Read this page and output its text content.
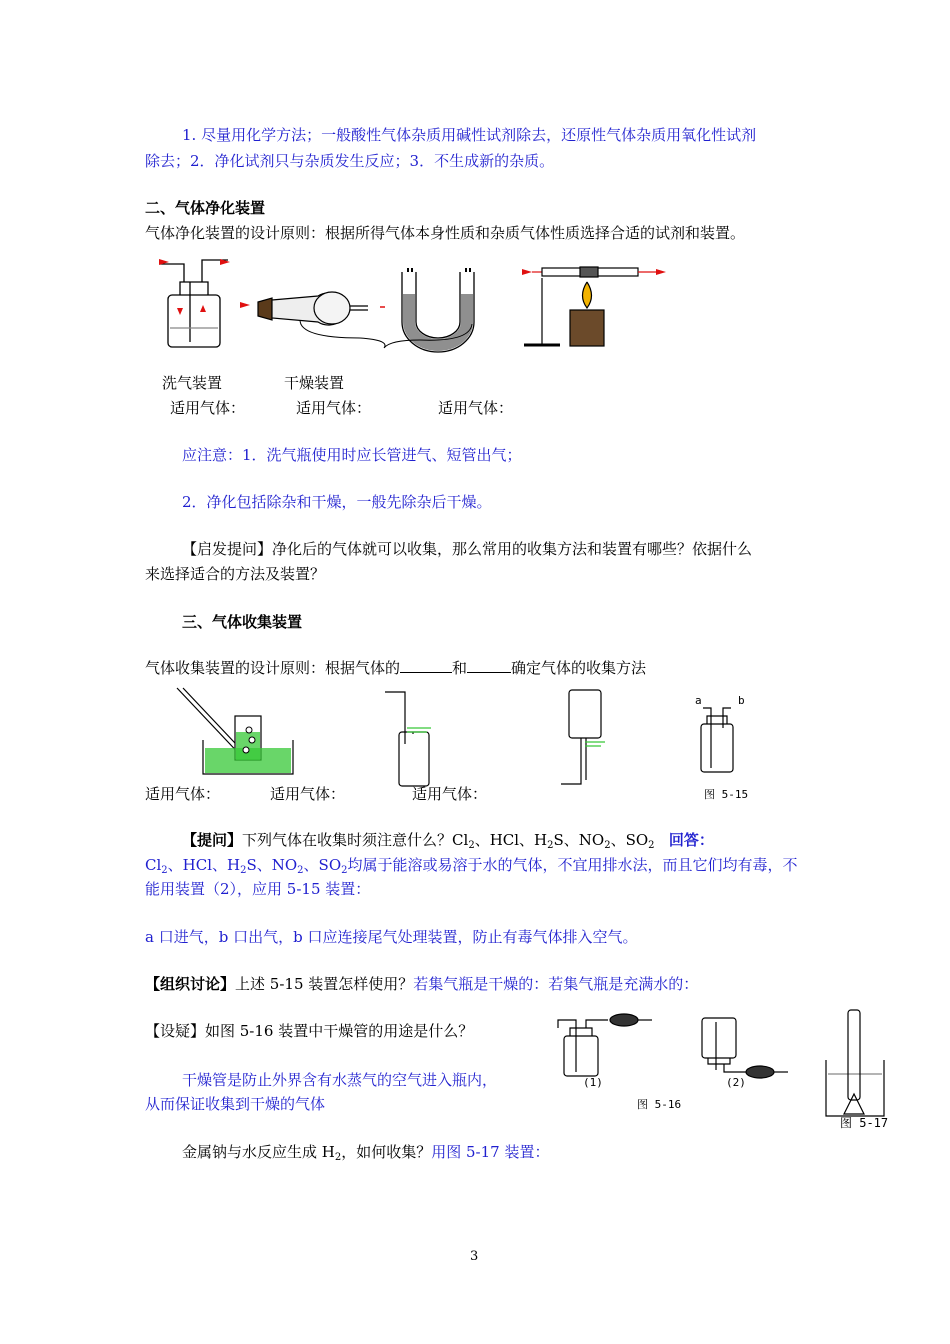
1. 尽量用化学方法；一般酸性气体杂质用碱性试剂除去，还原性气体杂质用氧化性试剂
除去；2．净化试剂只与杂质发生反应；3．不生成新的杂质。
二、气体净化装置
气体净化装置的设计原则：根据所得气体本身性质和杂质气体性质选择合适的试剂和装置。
洗气装置	干燥装置
适用气体：	适用气体：	适用气体：
应注意：1．洗气瓶使用时应长管进气、短管出气；
2．净化包括除杂和干燥，一般先除杂后干燥。
【启发提问】净化后的气体就可以收集，那么常用的收集方法和装置有哪些？依据什么
来选择适合的方法及装置？
三、气体收集装置
气体收集装置的设计原则：根据气体的	和	确定气体的收集方法
a	b
适用气体：	适用气体：	适用气体：	图 5-15
【提问】下列气体在收集时须注意什么？$Cl_2$、HCl、$H_2S$、$NO_2$、$SO_2$ 回答：
$Cl_2$、HCl、$H_2S$、$NO_2$、$SO_2$均属于能溶或易溶于水的气体，不宜用排水法，而且它们均有毒，不
能用装置（2），应用 5-15 装置：
a 口进气，b 口出气，b 口应连接尾气处理装置，防止有毒气体排入空气。
【组织讨论】上述 5-15 装置怎样使用？若集气瓶是干燥的：若集气瓶是充满水的：
【设疑】如图 5-16 装置中干燥管的用途是什么？
干燥管是防止外界含有水蒸气的空气进入瓶内，
从而保证收集到干燥的气体
(1)	(2)
图 5-16
图 5-17
金属钠与水反应生成 $H_2$，如何收集？用图 5-17 装置：
3
